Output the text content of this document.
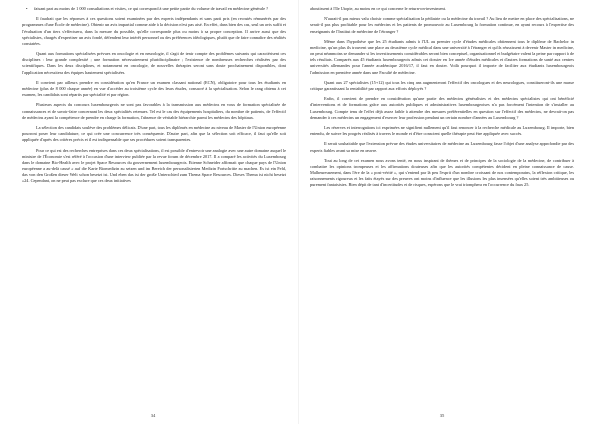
• faisant part au moins de 1 000 consultations et visites, ce qui correspond à une petite partie du volume de travail en médecine générale ?

Il faudrait que les réponses à ces questions soient examinées par des experts indépendants et sans parti pris (en recrutés rémunérés par des programmes d'une École de médecine). Obtenir un avis impartial comme aide à la décision n'est pas aisé. En effet, dans bien des cas, seul un avis suffit et l'évaluation d'un tiers s'effectuera, dans la mesure du possible, qu'elle corresponde plus ou moins à sa propre conception. Il arrive aussi que des spécialistes, chargés d'expertiser un avis fondé, défendent leur intérêt personnel ou des préférences idéologiques, plutôt que de faire connaître des réalités constatées.

Quant aux formations spécialisées prévues en oncologie et en neurologie, il s'agit de tenir compte des problèmes suivants qui caractérisent ces disciplines : leur grande complexité ; une formation nécessairement pluridisciplinaire ; l'existence de nombreuses recherches réalisées par des scientifiques. Dans les deux disciplines, et notamment en oncologie, de nouvelles thérapies seront sans doute prochainement disponibles, dont l'application nécessitera des équipes hautement spécialisées.

Il convient par ailleurs prendre en considération qu'en France un examen classant national (ECN), obligatoire pour tous les étudiants en médecine (plus de 8 000 chaque année) en vue d'accéder au troisième cycle des leurs études, consacré à la spécialisation. Selon le rang obtenu à cet examen, les candidats sont répartis par spécialité et par région.

Plusieurs aspects du concours luxembourgeois ne sont pas favorables à la transmission aux médecins en vous de formation spécialisée de connaissances et de savoir-faire concernant les deux spécialités retenues. Tel est le cas des équipements hospitaliers, du nombre de patients, de l'effectif de médecins ayant la compétence de prendre en charge la formation, l'absence de véritable hiérarchie parmi les médecins des hôpitaux.

La sélection des candidats soulève des problèmes délicats. D'une part, tous les diplômés en médecine au niveau de Master de l'Union européenne pourront poser leur candidature, ce qui crée une concurrence très conséquente. D'autre part, afin que la sélection soit efficace, il faut qu'elle soit appliquée d'après des critères précis et il est indispensable que ses procédures soient transparentes.

Pour ce qui est des recherches entreprises dans ces deux spécialisations, il est possible d'entrevoir une analogie avec une autre domaine auquel le ministre de l'Économie s'est référé à l'occasion d'une interview publiée par la revue forum de décembre 2017. Il a comparé les activités du Luxembourg dans le domaine Bio-Health avec le projet Space Resources du gouvernement luxembourgeois. Etienne Schneider affirmait que chaque pays de l'Union européenne a au-delà causé « auf die Karte Biomedizin zu setzen und im Bereich der personalisierten Medizin Fortschritte zu machen. Es ist ein Feld, das von den Großen dieser Welt schon besetzt ist. Und eben das ist der große Unterschied zum Thema Space Resources. Dieses Thema ist nicht besetzt »24. Cependant, on ne peut pas exclure que ces deux initiatives

34

aboutissent à l'île Utopie, au moins en ce qui concerne le return-on-investment.

N'aurait-il pas mieux valu choisir comme spécialisation la pédiatrie ou la médecine du travail ? Au lieu de mettre en place des spécialisations, ne serait-il pas plus profitable pour les médecins et les patients de promouvoir au Luxembourg la formation continue, en ayant recours à l'expertise des enseignants de l'Institut de médecine de l'étranger ?

Même dans l'hypothèse que les 25 étudiants admis à l'UL au premier cycle d'études médicales obtiennent tous le diplôme de Bachelor in medicine, qu'un plus ils trouvent une place au deuxième cycle médical dans une université à l'étranger et qu'ils réussissent à devenir Master in medicine, on peut néanmoins se demander si les investissements considérables seront bien conceptuel, organisationnel et budgétaire valent la peine par rapport à de tels résultats. Comparés aux 45 étudiants luxembourgeois admis cet dossier en 1re année d'études médicales et d'autres formations de santé aux centres universités allemandes pour l'année académique 2016/17, il faut en douter. Voilà pourquoi il importe de faciliter aux étudiants luxembourgeois l'admission en première année dans une Faculté de médecine.

Quant aux 27 spécialistes (15+12) qui tous les cinq ans augmenteront l'effectif des oncologues et des neurologues, constitueront-ils une masse critique garantissant la rentabilité par rapport aux efforts déployés ?

Enfin, il convient de prendre en considération qu'une partie des médecins généralistes et des médecins spécialistes qui ont bénéficié d'interventions et de formations grâce aux autorités publiques et administratives luxembourgeoises n'a pas forcément l'intention de s'installer au Luxembourg. Compte tenu de l'effet déjà assez faible à attendre des mesures préférentielles en question sur l'effectif des médecins, ne devrait-on pas demander à ces médecins un engagement d'exercer leur profession pendant un certain nombre d'années au Luxembourg ?

Les réserves et interrogations ici exprimées ne signifient nullement qu'il faut renoncer à la recherche médicale au Luxembourg. Il importe, bien entendu, de suivre les progrès réalisés à travers le monde et d'être conscient quelle thérapie peut être appliquée avec succès.

Il serait souhaitable que l'extension prévue des études universitaires de médecine au Luxembourg fasse l'objet d'une analyse approfondie par des experts fiables avant sa mise en œuvre.

Tout au long de cet examen nous avons tenté, en nous inspirant de thèmes et de principes de la sociologie de la médecine, de contribuer à combattre les opinions trompeuses et les affirmations douteuses afin que les autorités compétentes décident en pleine connaissance de cause. Malheureusement, dans l'ère de la « post-vérité », qui s'entend par là peu l'esprit d'un nombre croissant de nos contemporains, la réflexion critique, les raisonnements rigoureux et les faits étayés sur des preuves ont moins d'influence que les illusions les plus insensées qu'elles soient très ambitieuses ou purement fantaisistes. Bien dépit de tant d'incertitudes et de risques, espérons que le vrai triomphera en l'occurrence du faux 25.

35
